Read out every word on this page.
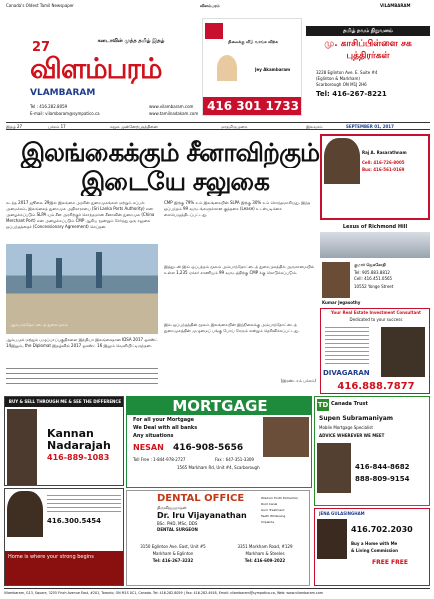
Canada's Oldest Tamil Newspaper	விளம்பரம்	VILAMBARAM
27	கனடாவின் முத்த தமிழ் இதழ்
விளம்பரம்
VLAMBARAM
Tel : 416.282.8059
E-mail: vilambaram@sympatico.ca
www.vilambaram.com
www.tamilnadakam.com
நிலைக்கு வீடு வாங்க விற்க
Jey Akambaram
416 301 1733
தமிழ் நவம் நிறுவனம்
மு. காசிப்பிள்ளை சக புத்திரர்கள்
3228 Eglinton Ave. E. Suite #4
(Eglinton & Markham)
Scarborough ON M1J 2H6
Tel: 416-267-8221
இதழ் 27	பக்கம் 17	சுமூக முன்னேற்பதத்தினை	மாதமிருமுறை	இலவசம்	SEPTEMBER 01, 2017
இலங்கைக்கும் சீனாவிற்கும்
இடையே சலுகை
கடந்த 2017 ஜூலை 29இல் இலங்கை அரசின் துறைமுகங்கள் மற்றும் கப்பல் அமைச்சும், இலங்கைத் துறைமுக அதிகாரசபை (Sri Lanka Ports Authority) என அழைக்கப்படும் SLPA யும் சீன அரசிற்குச் சொந்தமான சீனாவின் துறைமுக (China Merchant Port) என அழைக்கப்படும் CMP ஆகிய மூன்றும் சேர்ந்து ஒரு சலுகை ஒப்பந்தத்தைச் (Concessionary Agreement) செய்தன.
ஆம்பாந்தோட்டைத் துறைமுகம்
ஆம்பமுக் மற்றும் பழுப்பாப்பகுதிகளை இந்தியா இலங்கைதான IDSA 2017 ஓகஸ்ட் 14இலும், the Diplomat இதழ்வில் 2017 ஓகஸ்ட் 16 இலும் வெளியிட்டிருந்தன.
CMP இற்கு 79% உம் இலங்கையின் SLPA இற்கு 30% உம் சொந்தமாகியது. இந்த ஒப்பந்தம் 99 வருடங்களுக்கான குத்தகை (Lease) உடன்படிக்கை கையெழுத்திடப்பட்டது.
இத்துடன் இவ் ஒப்பந்தம் மூலம் அம்பாந்தோட்டைத் துறைமுகத்தில் அருகாமையில் உள்ள 1,235 ஏக்கர் காணியும் 99 வருடத்திற்கு CMP க்கு கொடுக்கப்படும்.
இவ் ஒப்பந்தத்தின் மூலம் இலங்கையின் இந்நிலைக்கு அம்பாந்தோட்டைத் துறைமுகத்தின் முழுமைப் பங்கு போய் சேரும் என்றும் தெரிவிக்கப்பட்டது.
(இரண்டாம் பக்கம்)
Raj A. Rasarathnam
Cell: 416-726-8005
Bus: 416-561-0169
Lexus of Richmond Hill
குமார் ஜெகசோதி
Tel: 905.883.8812
Cell: 416.451.0565
10552 Yonge Street
Kumar Jegasothy
Your Real Estate Investment Consultant
Dedicated to your success
DIVAGARAN
416.888.7877
BUY & SELL THROUGH ME & SEE THE DIFFERENCE
Kannan
Nadarajah
416-889-1083
MORTGAGE
For all your Mortgage
We Deal with all banks
Any situations
NESAN	416-908-5656
Toll Free : 1-844-978-2727	Fax : 647-351-3309
1565 Markham Rd, Unit #4, Scarborough
TD Canada Trust
Supen Subramaniyam
Mobile Mortgage Specialist
ADVICE WHEREVER WE MEET
416-844-8682
888-809-9154
416.300.5454
Home is where your strong begins
DENTAL OFFICE
திருவிஜயநாதன்
Dr. Iru Vijayanathan
BSc. PHD, MSc, DDS
DENTAL SURGEON
Wisdom Tooth Extraction
Root Canal
Gum Treatment
Teeth Whitening
Implants
3150 Eglinton Ave. East, Unit #5
Markham & Eglinton
Tel: 416-267-3232
3351 Markham Road, #129
Markham & Steeles
Tel: 416-609-2022
JENA GULASINGHAM
416.702.2030
Buy a Home with Me
& Living Commission
FREE FREE
Vilambaram, G13, Square, 3255 Finch Avenue East, #201, Toronto, ON M1S 0C1, Canada. Tel: 416.282.8059 | Fax: 416.282.4918, Email: vilambaram@sympatico.ca, Web: www.vilambaram.com
